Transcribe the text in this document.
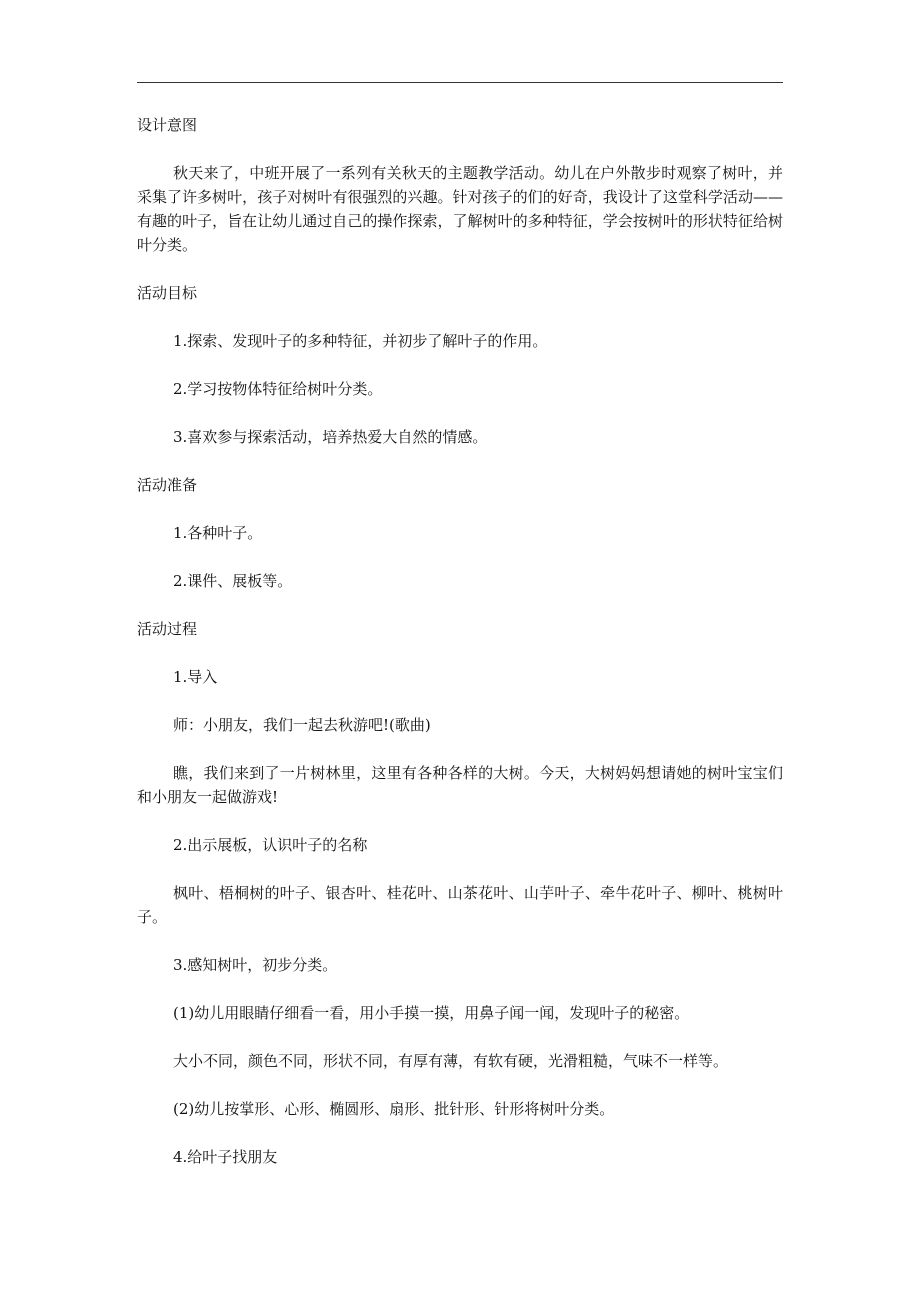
设计意图

秋天来了，中班开展了一系列有关秋天的主题教学活动。幼儿在户外散步时观察了树叶，并采集了许多树叶，孩子对树叶有很强烈的兴趣。针对孩子的们的好奇，我设计了这堂科学活动——有趣的叶子，旨在让幼儿通过自己的操作探索，了解树叶的多种特征，学会按树叶的形状特征给树叶分类。

活动目标

1.探索、发现叶子的多种特征，并初步了解叶子的作用。

2.学习按物体特征给树叶分类。

3.喜欢参与探索活动，培养热爱大自然的情感。

活动准备

1.各种叶子。

2.课件、展板等。

活动过程

1.导入

师：小朋友，我们一起去秋游吧!(歌曲)

瞧，我们来到了一片树林里，这里有各种各样的大树。今天，大树妈妈想请她的树叶宝宝们和小朋友一起做游戏!

2.出示展板，认识叶子的名称

枫叶、梧桐树的叶子、银杏叶、桂花叶、山茶花叶、山芋叶子、牵牛花叶子、柳叶、桃树叶子。

3.感知树叶，初步分类。

(1)幼儿用眼睛仔细看一看，用小手摸一摸，用鼻子闻一闻，发现叶子的秘密。

大小不同，颜色不同，形状不同，有厚有薄，有软有硬，光滑粗糙，气味不一样等。

(2)幼儿按掌形、心形、椭圆形、扇形、批针形、针形将树叶分类。

4.给叶子找朋友
